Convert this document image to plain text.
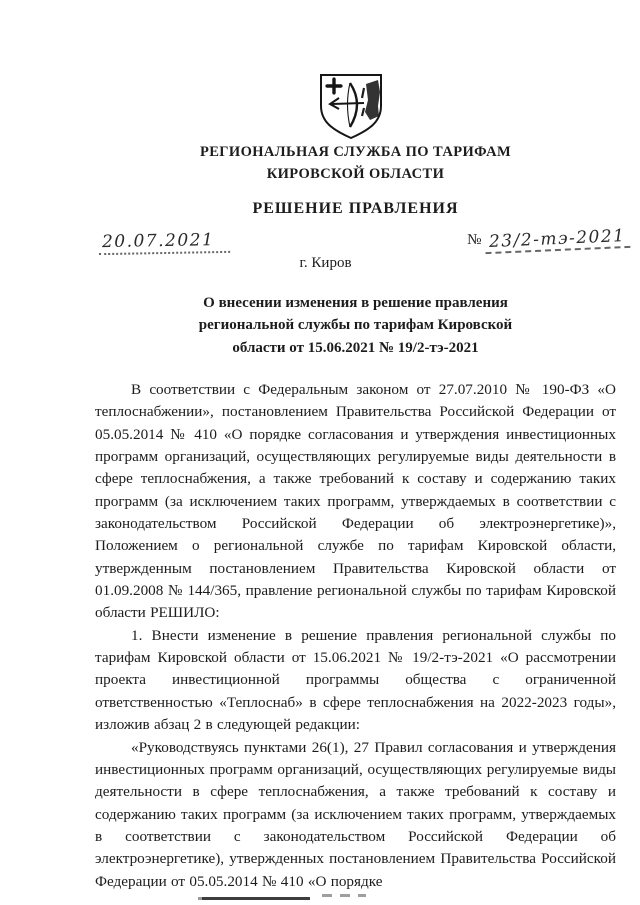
РЕГИОНАЛЬНАЯ СЛУЖБА ПО ТАРИФАМ
КИРОВСКОЙ ОБЛАСТИ
РЕШЕНИЕ ПРАВЛЕНИЯ
20.07.2021	№ 23/2-тэ-2021
г. Киров
О внесении изменения в решение правления
региональной службы по тарифам Кировской
области от 15.06.2021 № 19/2-тэ-2021

В соответствии с Федеральным законом от 27.07.2010 № 190-ФЗ «О теплоснабжении», постановлением Правительства Российской Федерации от 05.05.2014 № 410 «О порядке согласования и утверждения инвестиционных программ организаций, осуществляющих регулируемые виды деятельности в сфере теплоснабжения, а также требований к составу и содержанию таких программ (за исключением таких программ, утверждаемых в соответствии с законодательством Российской Федерации об электроэнергетике)», Положением о региональной службе по тарифам Кировской области, утвержденным постановлением Правительства Кировской области от 01.09.2008 № 144/365, правление региональной службы по тарифам Кировской области РЕШИЛО:

1. Внести изменение в решение правления региональной службы по тарифам Кировской области от 15.06.2021 № 19/2-тэ-2021 «О рассмотрении проекта инвестиционной программы общества с ограниченной ответственностью «Теплоснаб» в сфере теплоснабжения на 2022-2023 годы», изложив абзац 2 в следующей редакции:

«Руководствуясь пунктами 26(1), 27 Правил согласования и утверждения инвестиционных программ организаций, осуществляющих регулируемые виды деятельности в сфере теплоснабжения, а также требований к составу и содержанию таких программ (за исключением таких программ, утверждаемых в соответствии с законодательством Российской Федерации об электроэнергетике), утвержденных постановлением Правительства Российской Федерации от 05.05.2014 № 410 «О порядке
